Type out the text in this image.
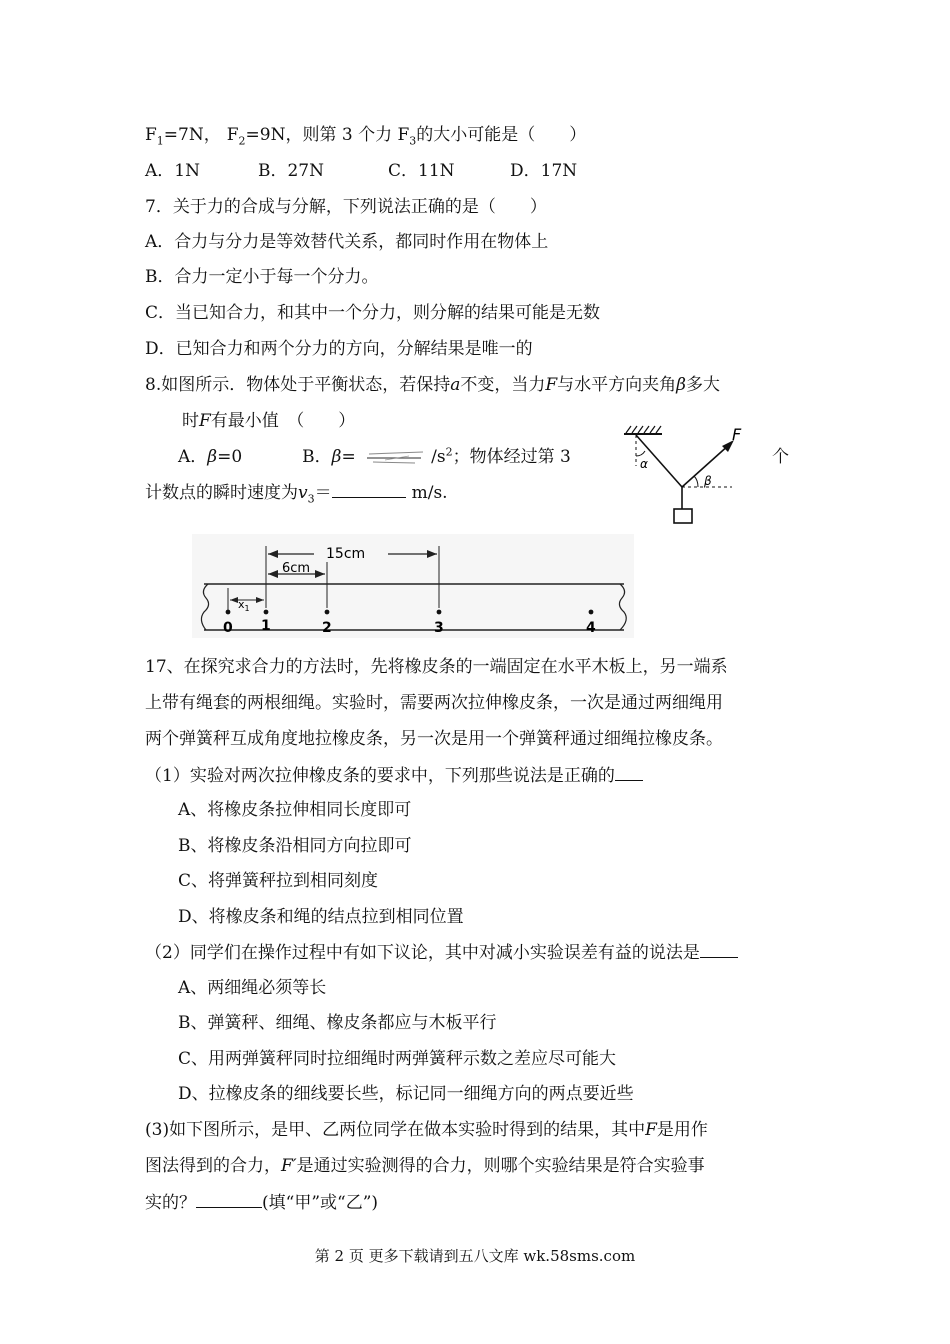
$F_1=7N$， $F_2=9N$，则第 3 个力 $F_3$的大小可能是（　　）
A．1N	B．27N	C．11N	D．17N
7．关于力的合成与分解，下列说法正确的是（　　）
A．合力与分力是等效替代关系，都同时作用在物体上
B．合力一定小于每一个分力。
C．当已知合力，和其中一个分力，则分解的结果可能是无数
D．已知合力和两个分力的方向，分解结果是唯一的
8.如图所示．物体处于平衡状态，若保持a不变，当力F与水平方向夹角β多大
时F有最小值　（　　）
A．β=0	B．β=	$/s^2$；物体经过第 3	个
计数点的瞬时速度为$v_3=$	m/s.
α
F
β
15cm
6cm
$x_1$
0 1	2	3	4
17、在探究求合力的方法时，先将橡皮条的一端固定在水平木板上，另一端系
上带有绳套的两根细绳。实验时，需要两次拉伸橡皮条，一次是通过两细绳用
两个弹簧秤互成角度地拉橡皮条，另一次是用一个弹簧秤通过细绳拉橡皮条。
（1）实验对两次拉伸橡皮条的要求中，下列那些说法是正确的
A、将橡皮条拉伸相同长度即可
B、将橡皮条沿相同方向拉即可
C、将弹簧秤拉到相同刻度
D、将橡皮条和绳的结点拉到相同位置
（2）同学们在操作过程中有如下议论，其中对减小实验误差有益的说法是
A、两细绳必须等长
B、弹簧秤、细绳、橡皮条都应与木板平行
C、用两弹簧秤同时拉细绳时两弹簧秤示数之差应尽可能大
D、拉橡皮条的细线要长些，标记同一细绳方向的两点要近些
(3)如下图所示，是甲、乙两位同学在做本实验时得到的结果，其中F是用作
图法得到的合力，F′是通过实验测得的合力，则哪个实验结果是符合实验事
实的？	(填“甲”或“乙”)
第 2 页 更多下载请到五八文库 wk.58sms.com
